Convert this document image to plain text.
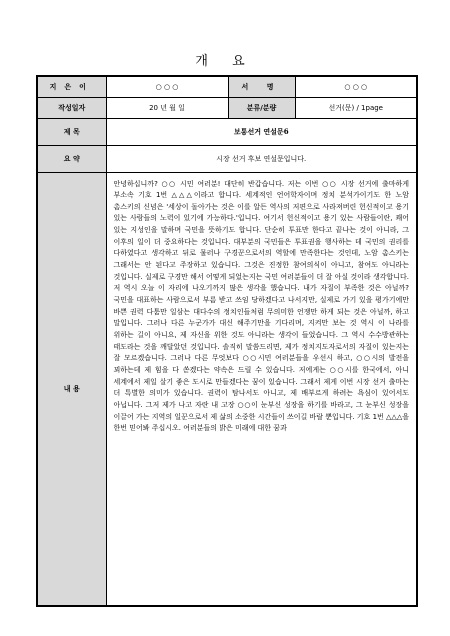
개 요
지은이	○ ○ ○	서 명	○ ○ ○
작성일자	20 년 월 일	분류/분량	선거(문) / 1page
제 목	보통선거 연설문6		
요 약	시장 선거 후보 연설문입니다.		
내 용	안녕하십니까? ○○ 시민 여러분! 대단히 반갑습니다. 저는 이번 ○○ 시장 선거에 출마하게 부소속 기호 1번 △△△이라고 합니다. 세계적인 언어학자이며 정치 분석가이기도 한 노암 촘스키의 신념은 '세상이 돌아가는 것은 이를 알든 역사의 저편으로 사라져버린 헌신적이고 용기 있는 사람들의 노력이 있기에 가능하다.'입니다. 여기서 헌신적이고 용기 있는 사람들이란, 꽤어 있는 지성인을 말하며 국민을 뜻하기도 합니다. 단순히 투표만 한다고 끝나는 것이 아니라, 그 이후의 일이 더 중요하다는 것입니다. 대부분의 국민들은 투표권을 행사하는 데 국민의 권리를 다하였다고 생각하고 뒤로 물러나 구경꾼으로서의 역할에 만족한다는 것인데, 노암 촘스키는 그래서는 안 된다고 주장하고 있습니다. 그것은 진정한 참여의식이 아니고, 참여도 아니라는 것입니다. 실제로 구경만 해서 어떻게 되었는지는 국민 여러분들이 더 잘 아실 것이라 생각합니다. 저 역시 오늘 이 자리에 나오기까지 많은 생각을 했습니다. 내가 자질이 부족한 것은 아닐까? 국민을 대표하는 사람으로서 부름 받고 쓰임 당하겠다고 나서지만, 실제로 가기 있을 평가기에만 바쁜 권력 다툼만 일삼는 대다수의 정치인들처럼 무의미한 언쟁만 하게 되는 것은 아닐까, 하고 말입니다. 그러나 다른 누군가가 대신 해주기만을 기다리며, 지켜만 보는 것 역시 이 나라를 위하는 길이 아니요, 제 자신을 위한 것도 아니라는 생각이 들었습니다. 그 역시 수수방관하는 태도라는 것을 깨달았던 것입니다. 솔직히 말씀드리면, 제가 정치지도자로서의 자질이 있는지는 잘 모르겠습니다. 그러나 다른 무엇보다 ○○시민 여러분들을 우선시 하고, ○○시의 발전을 꾀하는데 제 힘을 다 쏟겠다는 약속은 드릴 수 있습니다. 저에게는 ○○시를 한국에서, 아니 세계에서 제일 살기 좋은 도시로 만들겠다는 꿈이 있습니다. 그래서 제게 이번 시장 선거 출마는 더 특별한 의미가 있습니다. 권력이 탐나서도 아니고, 제 배부르게 하려는 욕심이 있어서도 아닙니다. 그저 제가 나고 자란 내 고장 ○○이 눈부신 성장을 하기를 바라고, 그 눈부신 성장을 이끌어 가는 지역의 일꾼으로서 제 삶의 소중한 시간들이 쓰이길 바랄 뿐입니다. 기호 1번 △△△을 한번 믿어봐 주십시오. 여러분들의 밝은 미래에 대한 꿈과		
